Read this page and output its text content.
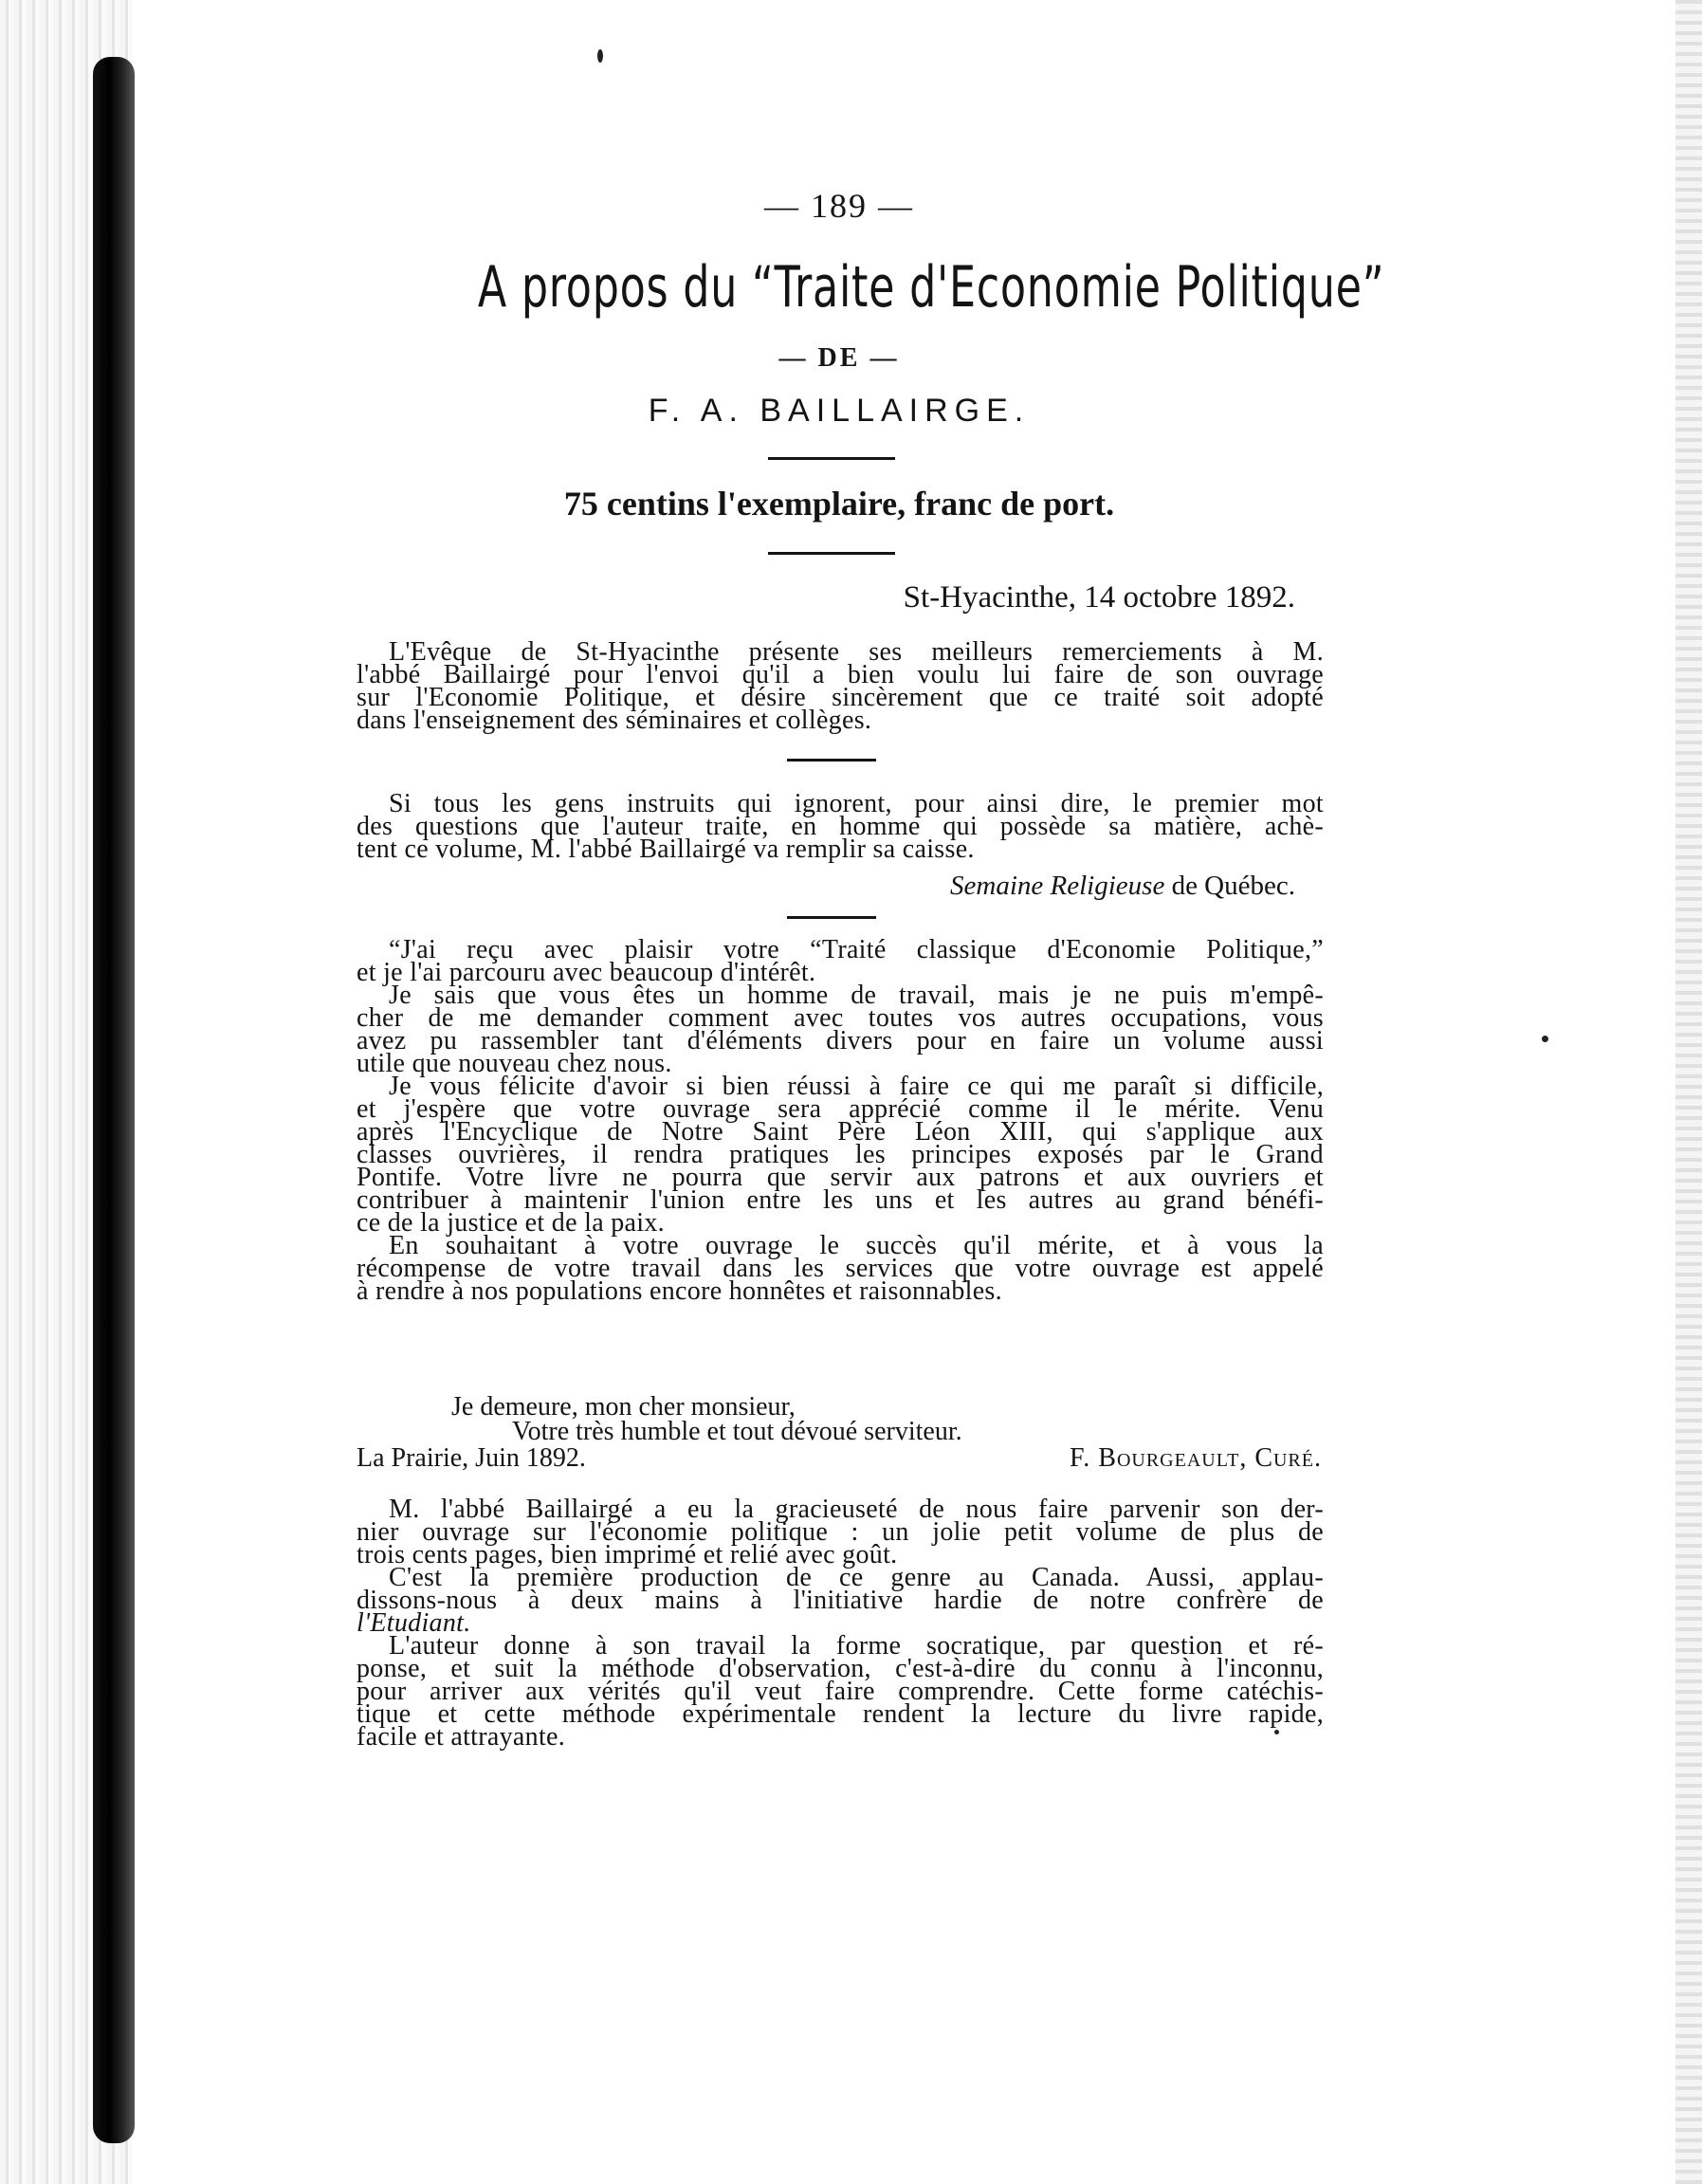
— 189 —
A propos du “Traite d'Economie Politique”
— DE —
F. A. BAILLAIRGE.
75 centins l'exemplaire, franc de port.
St-Hyacinthe, 14 octobre 1892.
L'Evêque de St-Hyacinthe présente ses meilleurs remerciements à M.
l'abbé Baillairgé pour l'envoi qu'il a bien voulu lui faire de son ouvrage
sur l'Economie Politique, et désire sincèrement que ce traité soit adopté
dans l'enseignement des séminaires et collèges.
Si tous les gens instruits qui ignorent, pour ainsi dire, le premier mot
des questions que l'auteur traite, en homme qui possède sa matière, achè-
tent ce volume, M. l'abbé Baillairgé va remplir sa caisse.
Semaine Religieuse de Québec.
“J'ai reçu avec plaisir votre “Traité classique d'Economie Politique,”
et je l'ai parcouru avec beaucoup d'intérêt.
Je sais que vous êtes un homme de travail, mais je ne puis m'empê-
cher de me demander comment avec toutes vos autres occupations, vous
avez pu rassembler tant d'éléments divers pour en faire un volume aussi
utile que nouveau chez nous.
Je vous félicite d'avoir si bien réussi à faire ce qui me paraît si difficile,
et j'espère que votre ouvrage sera apprécié comme il le mérite. Venu
après l'Encyclique de Notre Saint Père Léon XIII, qui s'applique aux
classes ouvrières, il rendra pratiques les principes exposés par le Grand
Pontife. Votre livre ne pourra que servir aux patrons et aux ouvriers et
contribuer à maintenir l'union entre les uns et les autres au grand bénéfi-
ce de la justice et de la paix.
En souhaitant à votre ouvrage le succès qu'il mérite, et à vous la
récompense de votre travail dans les services que votre ouvrage est appelé
à rendre à nos populations encore honnêtes et raisonnables.
Je demeure, mon cher monsieur,
Votre très humble et tout dévoué serviteur.
La Prairie, Juin 1892.	F. Bourgeault, Curé.
M. l'abbé Baillairgé a eu la gracieuseté de nous faire parvenir son der-
nier ouvrage sur l'économie politique : un jolie petit volume de plus de
trois cents pages, bien imprimé et relié avec goût.
C'est la première production de ce genre au Canada. Aussi, applau-
dissons-nous à deux mains à l'initiative hardie de notre confrère de
l'Etudiant.
L'auteur donne à son travail la forme socratique, par question et ré-
ponse, et suit la méthode d'observation, c'est-à-dire du connu à l'inconnu,
pour arriver aux vérités qu'il veut faire comprendre. Cette forme catéchis-
tique et cette méthode expérimentale rendent la lecture du livre rapide,
facile et attrayante.
